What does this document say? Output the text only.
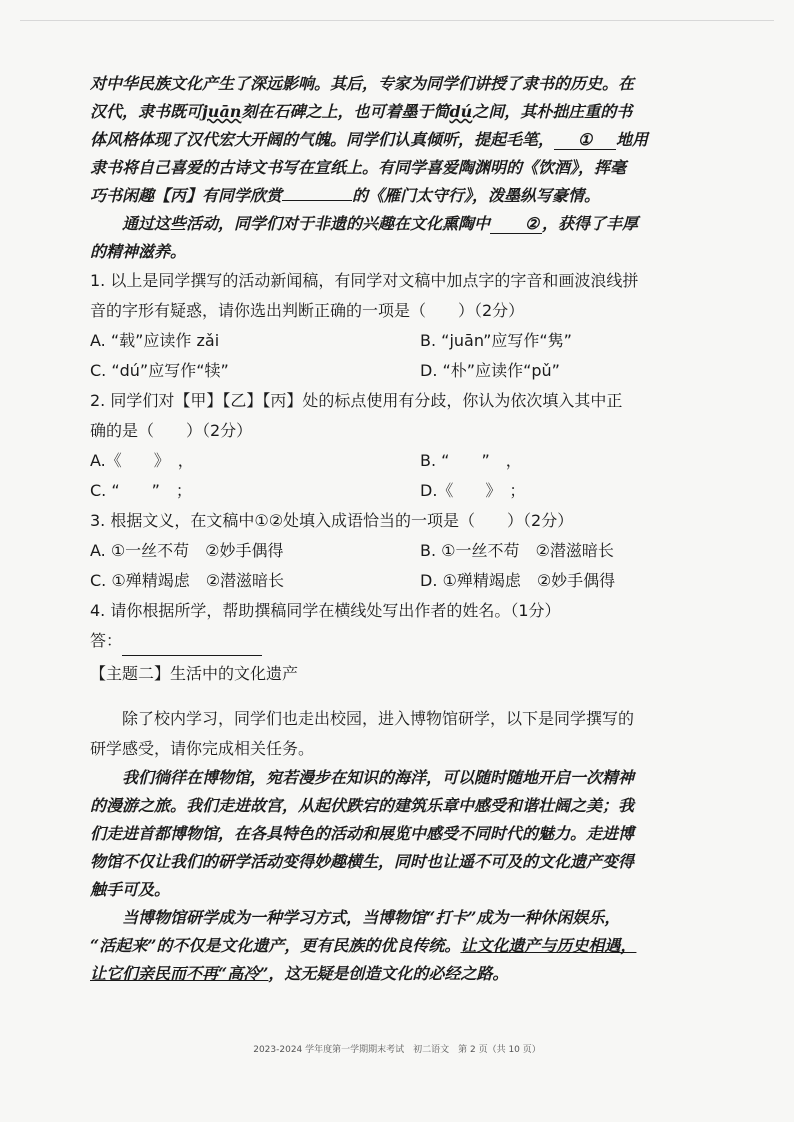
对中华民族文化产生了深远影响。其后，专家为同学们讲授了隶书的历史。在

汉代，隶书既可juān刻在石碑之上，也可着墨于简dú之间，其朴拙庄重的书

体风格体现了汉代宏大开阔的气魄。同学们认真倾听，提起毛笔， ① 地用

隶书将自己喜爱的古诗文书写在宣纸上。有同学喜爱陶渊明的《饮酒》，挥毫

巧书闲趣【丙】有同学欣赏	的《雁门太守行》，泼墨纵写豪情。

通过这些活动，同学们对于非遗的兴趣在文化熏陶中 ② ，获得了丰厚

的精神滋养。

1. 以上是同学撰写的活动新闻稿，有同学对文稿中加点字的字音和画波浪线拼

音的字形有疑惑，请你选出判断正确的一项是（　　）（2分）

A. “载”应读作 zǎi	B. “juān”应写作“隽”
C. “dú”应写作“犊”	D. “朴”应读作“pǔ”

2. 同学们对【甲】【乙】【丙】处的标点使用有分歧，你认为依次填入其中正

确的是（　　）（2分）

A.《　　》　，	B. “　　”　，
C. “　　”　；	D.《　　》　；

3. 根据文义，在文稿中①②处填入成语恰当的一项是（　　）（2分）

A. ①一丝不苟　②妙手偶得	B. ①一丝不苟　②潜滋暗长
C. ①殚精竭虑　②潜滋暗长	D. ①殚精竭虑　②妙手偶得

4. 请你根据所学，帮助撰稿同学在横线处写出作者的姓名。（1分）

答：

【主题二】生活中的文化遗产

除了校内学习，同学们也走出校园，进入博物馆研学，以下是同学撰写的

研学感受，请你完成相关任务。

我们徜徉在博物馆，宛若漫步在知识的海洋，可以随时随地开启一次精神

的漫游之旅。我们走进故宫，从起伏跌宕的建筑乐章中感受和谐壮阔之美；我

们走进首都博物馆，在各具特色的活动和展览中感受不同时代的魅力。走进博

物馆不仅让我们的研学活动变得妙趣横生，同时也让遥不可及的文化遗产变得

触手可及。

当博物馆研学成为一种学习方式，当博物馆“打卡”成为一种休闲娱乐，

“活起来”的不仅是文化遗产，更有民族的优良传统。让文化遗产与历史相遇，

让它们亲民而不再“高冷”，这无疑是创造文化的必经之路。

2023-2024 学年度第一学期期末考试　初二语文　第 2 页（共 10 页）
